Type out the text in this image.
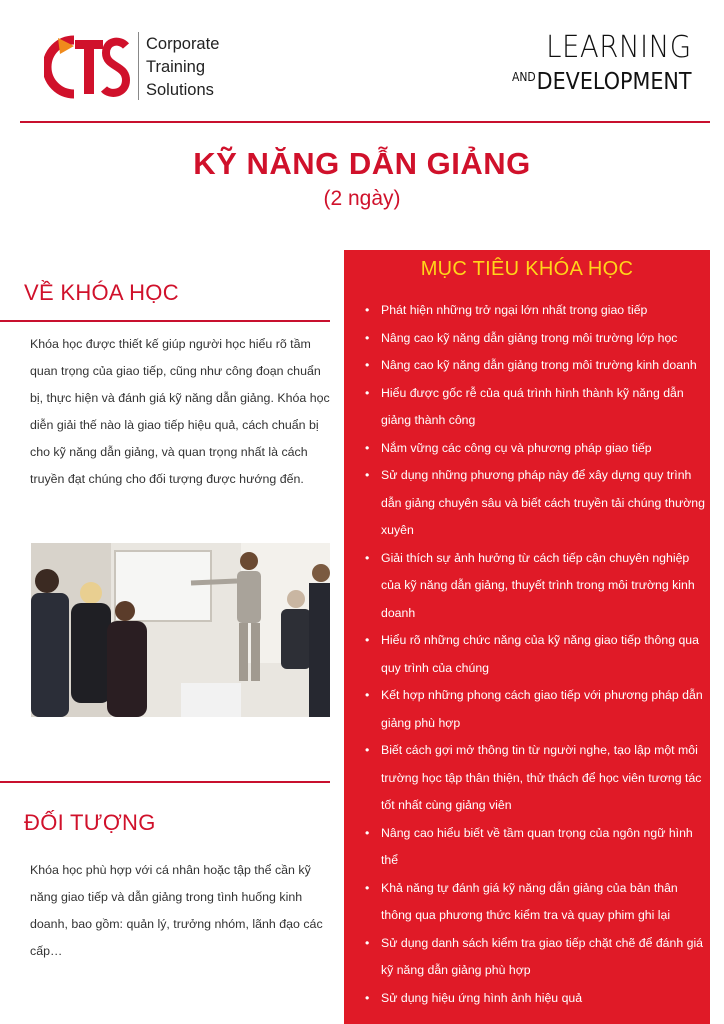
Corporate
Training
Solutions
LEARNING
$^{AND}$DEVELOPMENT
KỸ NĂNG DẪN GIẢNG
(2 ngày)
VỀ KHÓA HỌC
Khóa học được thiết kế giúp người học hiểu rõ tầm quan trọng của giao tiếp, cũng như công đoạn chuẩn bị, thực hiện và đánh giá kỹ năng dẫn giảng. Khóa học diễn giải thế nào là giao tiếp hiệu quả, cách chuẩn bị cho kỹ năng dẫn giảng, và quan trọng nhất là cách truyền đạt chúng cho đối tượng được hướng đến.
ĐỐI TƯỢNG
Khóa học phù hợp với cá nhân hoặc tập thể cần kỹ năng giao tiếp và dẫn giảng trong tình huống kinh doanh, bao gồm: quản lý, trưởng nhóm, lãnh đạo các cấp…
MỤC TIÊU KHÓA HỌC
• Phát hiện những trở ngại lớn nhất trong giao tiếp
• Nâng cao kỹ năng dẫn giảng trong môi trường lớp học
• Nâng cao kỹ năng dẫn giảng trong môi trường kinh doanh
• Hiểu được gốc rễ của quá trình hình thành kỹ năng dẫn giảng thành công
• Nắm vững các công cụ và phương pháp giao tiếp
• Sử dụng những phương pháp này để xây dựng quy trình dẫn giảng chuyên sâu và biết cách truyền tải chúng thường xuyên
• Giải thích sự ảnh hưởng từ cách tiếp cận chuyên nghiệp của kỹ năng dẫn giảng, thuyết trình trong môi trường kinh doanh
• Hiểu rõ những chức năng của kỹ năng giao tiếp thông qua quy trình của chúng
• Kết hợp những phong cách giao tiếp với phương pháp dẫn giảng phù hợp
• Biết cách gợi mở thông tin từ người nghe, tạo lập một môi trường học tập thân thiện, thử thách để học viên tương tác tốt nhất cùng giảng viên
• Nâng cao hiểu biết về tầm quan trọng của ngôn ngữ hình thể
• Khả năng tự đánh giá kỹ năng dẫn giảng của bản thân thông qua phương thức kiểm tra và quay phim ghi lại
• Sử dụng danh sách kiểm tra giao tiếp chặt chẽ để đánh giá kỹ năng dẫn giảng phù hợp
• Sử dụng hiệu ứng hình ảnh hiệu quả
